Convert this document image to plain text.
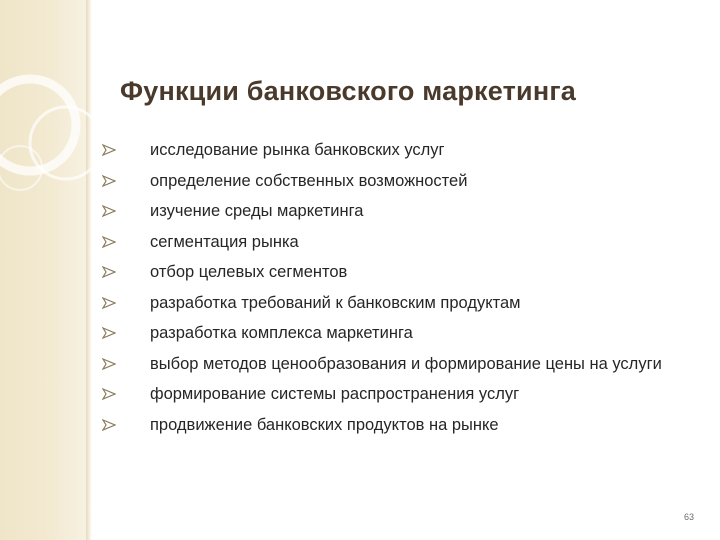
Функции банковского маркетинга
исследование рынка банковских услуг
определение собственных возможностей
изучение среды маркетинга
сегментация рынка
отбор целевых сегментов
разработка требований к банковским продуктам
разработка комплекса маркетинга
выбор методов ценообразования и формирование цены на услуги
формирование системы распространения услуг
продвижение банковских продуктов на рынке
63
